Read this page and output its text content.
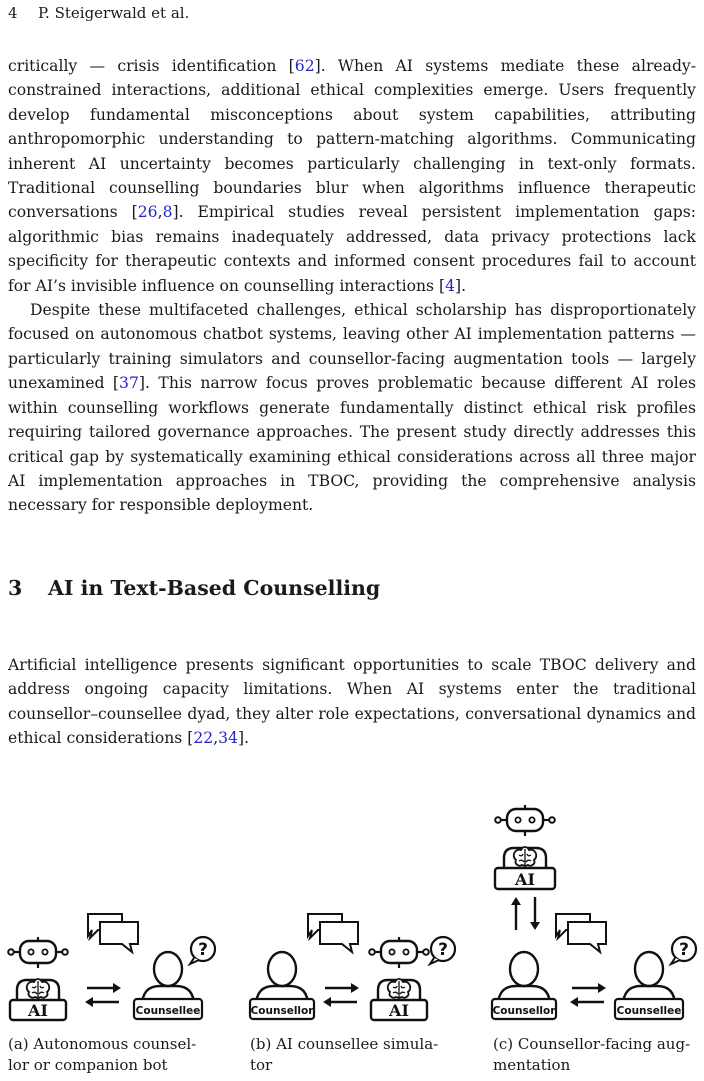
4 P. Steigerwald et al.

critically — crisis identification [62]. When AI systems mediate these already-constrained interactions, additional ethical complexities emerge. Users frequently develop fundamental misconceptions about system capabilities, attributing anthropomorphic understanding to pattern-matching algorithms. Communicating inherent AI uncertainty becomes particularly challenging in text-only formats. Traditional counselling boundaries blur when algorithms influence therapeutic conversations [26,8]. Empirical studies reveal persistent implementation gaps: algorithmic bias remains inadequately addressed, data privacy protections lack specificity for therapeutic contexts and informed consent procedures fail to account for AI’s invisible influence on counselling interactions [4].

Despite these multifaceted challenges, ethical scholarship has disproportionately focused on autonomous chatbot systems, leaving other AI implementation patterns — particularly training simulators and counsellor-facing augmentation tools — largely unexamined [37]. This narrow focus proves problematic because different AI roles within counselling workflows generate fundamentally distinct ethical risk profiles requiring tailored governance approaches. The present study directly addresses this critical gap by systematically examining ethical considerations across all three major AI implementation approaches in TBOC, providing the comprehensive analysis necessary for responsible deployment.

3 AI in Text-Based Counselling

Artificial intelligence presents significant opportunities to scale TBOC delivery and address ongoing capacity limitations. When AI systems enter the traditional counsellor–counsellee dyad, they alter role expectations, conversational dynamics and ethical considerations [22,34].

AI
?
Counsellee	Counsellor	AI
?
AI
Counsellor
?
Counsellee
(a) Autonomous counsel-
lor or companion bot
(b) AI counsellee simula-
tor
(c) Counsellor-facing aug-
mentation
